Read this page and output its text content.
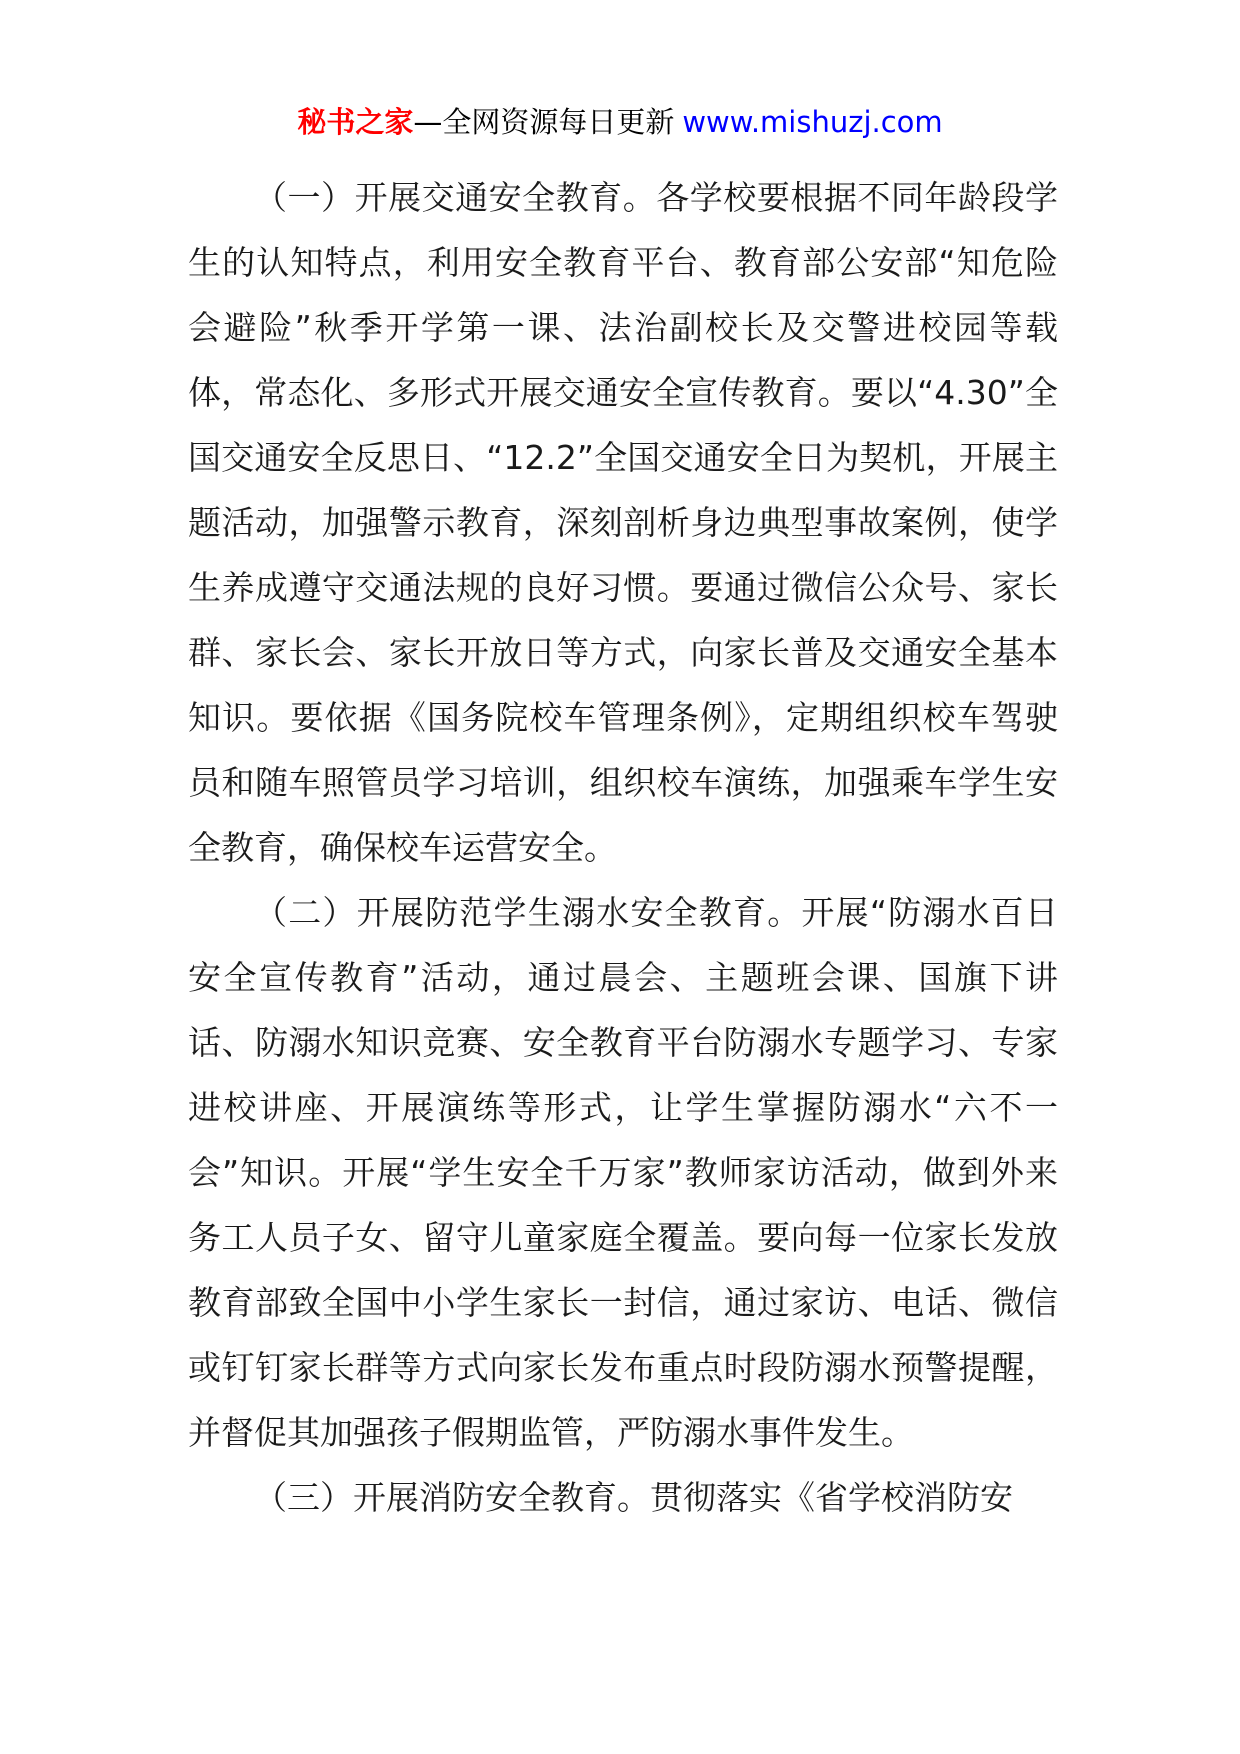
秘书之家—全网资源每日更新 www.mishuzj.com

（一）开展交通安全教育。各学校要根据不同年龄段学生的认知特点，利用安全教育平台、教育部公安部“知危险会避险”秋季开学第一课、法治副校长及交警进校园等载体，常态化、多形式开展交通安全宣传教育。要以“4.30”全国交通安全反思日、“12.2”全国交通安全日为契机，开展主题活动，加强警示教育，深刻剖析身边典型事故案例，使学生养成遵守交通法规的良好习惯。要通过微信公众号、家长群、家长会、家长开放日等方式，向家长普及交通安全基本知识。要依据《国务院校车管理条例》，定期组织校车驾驶员和随车照管员学习培训，组织校车演练，加强乘车学生安全教育，确保校车运营安全。

（二）开展防范学生溺水安全教育。开展“防溺水百日安全宣传教育”活动，通过晨会、主题班会课、国旗下讲话、防溺水知识竞赛、安全教育平台防溺水专题学习、专家进校讲座、开展演练等形式，让学生掌握防溺水“六不一会”知识。开展“学生安全千万家”教师家访活动，做到外来务工人员子女、留守儿童家庭全覆盖。要向每一位家长发放教育部致全国中小学生家长一封信，通过家访、电话、微信或钉钉家长群等方式向家长发布重点时段防溺水预警提醒，并督促其加强孩子假期监管，严防溺水事件发生。

（三）开展消防安全教育。贯彻落实《省学校消防安
